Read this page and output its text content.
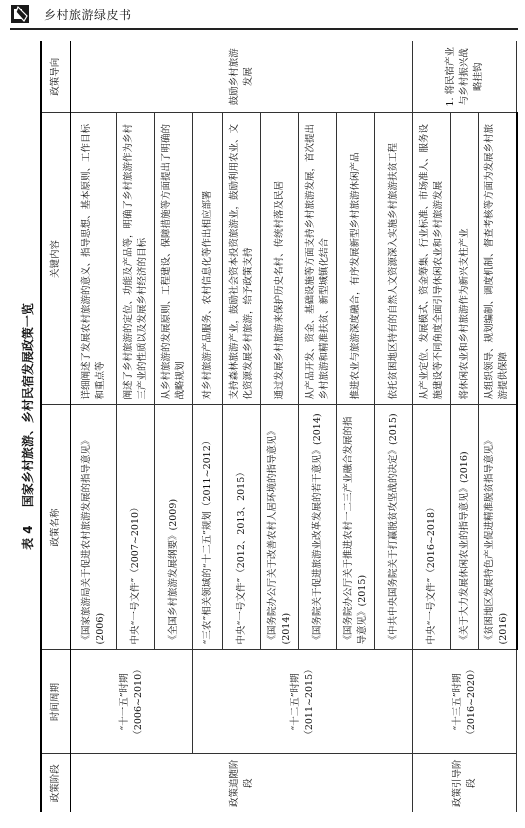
乡村旅游绿皮书
表 4 国家乡村旅游、乡村民宿发展政策一览
政策阶段	时间周期	政策名称	关键内容	政策导向
政策追随阶段	“十一五”时期（2006~2010）	《国家旅游局关于促进农村旅游发展的指导意见》(2006)	详细阐述了发展农村旅游的意义、指导思想、基本原则、工作目标和重点等	鼓励乡村旅游发展
		中央“一号文件”（2007~2010）	阐述了乡村旅游的定位、功能及产品等，明确了乡村旅游作为乡村三产业的性质以及发展乡村经济的目标	
		《全国乡村旅游发展纲要》(2009)	从乡村旅游的发展原则、工程建设、保障措施等方面提出了明确的战略规划	
	“十二五”时期（2011~2015）	“三农”相关领域的“十二五”规划（2011~2012）	对乡村旅游产品服务、农村信息化等作出相应部署	
		中央“一号文件”（2012、2013、2015）	支持森林旅游产业，鼓励社会资本投资旅游业，鼓励利用农业、文化资源发展乡村旅游，给予政策支持	
		《国务院办公厅关于改善农村人居环境的指导意见》(2014)	通过发展乡村旅游来保护历史名村、传统村落及民居	
		《国务院关于促进旅游业改革发展的若干意见》(2014)	从产品开发、资金、基础设施等方面支持乡村旅游发展，首次提出乡村旅游和精准扶贫、新型城镇化结合	
		《国务院办公厅关于推进农村一二三产业融合发展的指导意见》(2015)	推进农业与旅游深度融合，有序发展新型乡村旅游休闲产品	
		《中共中央国务院关于打赢脱贫攻坚战的决定》(2015)	依托贫困地区特有的自然人文资源深入实施乡村旅游扶贫工程	
政策引导阶段	“十三五”时期（2016~2020）	中央“一号文件”（2016~2018）	从产业定位、发展模式、资金筹集、行业标准、市场准人、服务设施建设等不同角度全面引导休闲农业和乡村旅游发展	1. 将民宿产业与乡村振兴战略挂钩
		《关于大力发展休闲农业的指导意见》(2016)	将休闲农业和乡村旅游作为新兴支柱产业	
		《贫困地区发展特色产业促进精准脱贫指导意见》(2016)	从组织领导、规划编制、调度机制、督查考核等方面为发展乡村旅游提供保障	
